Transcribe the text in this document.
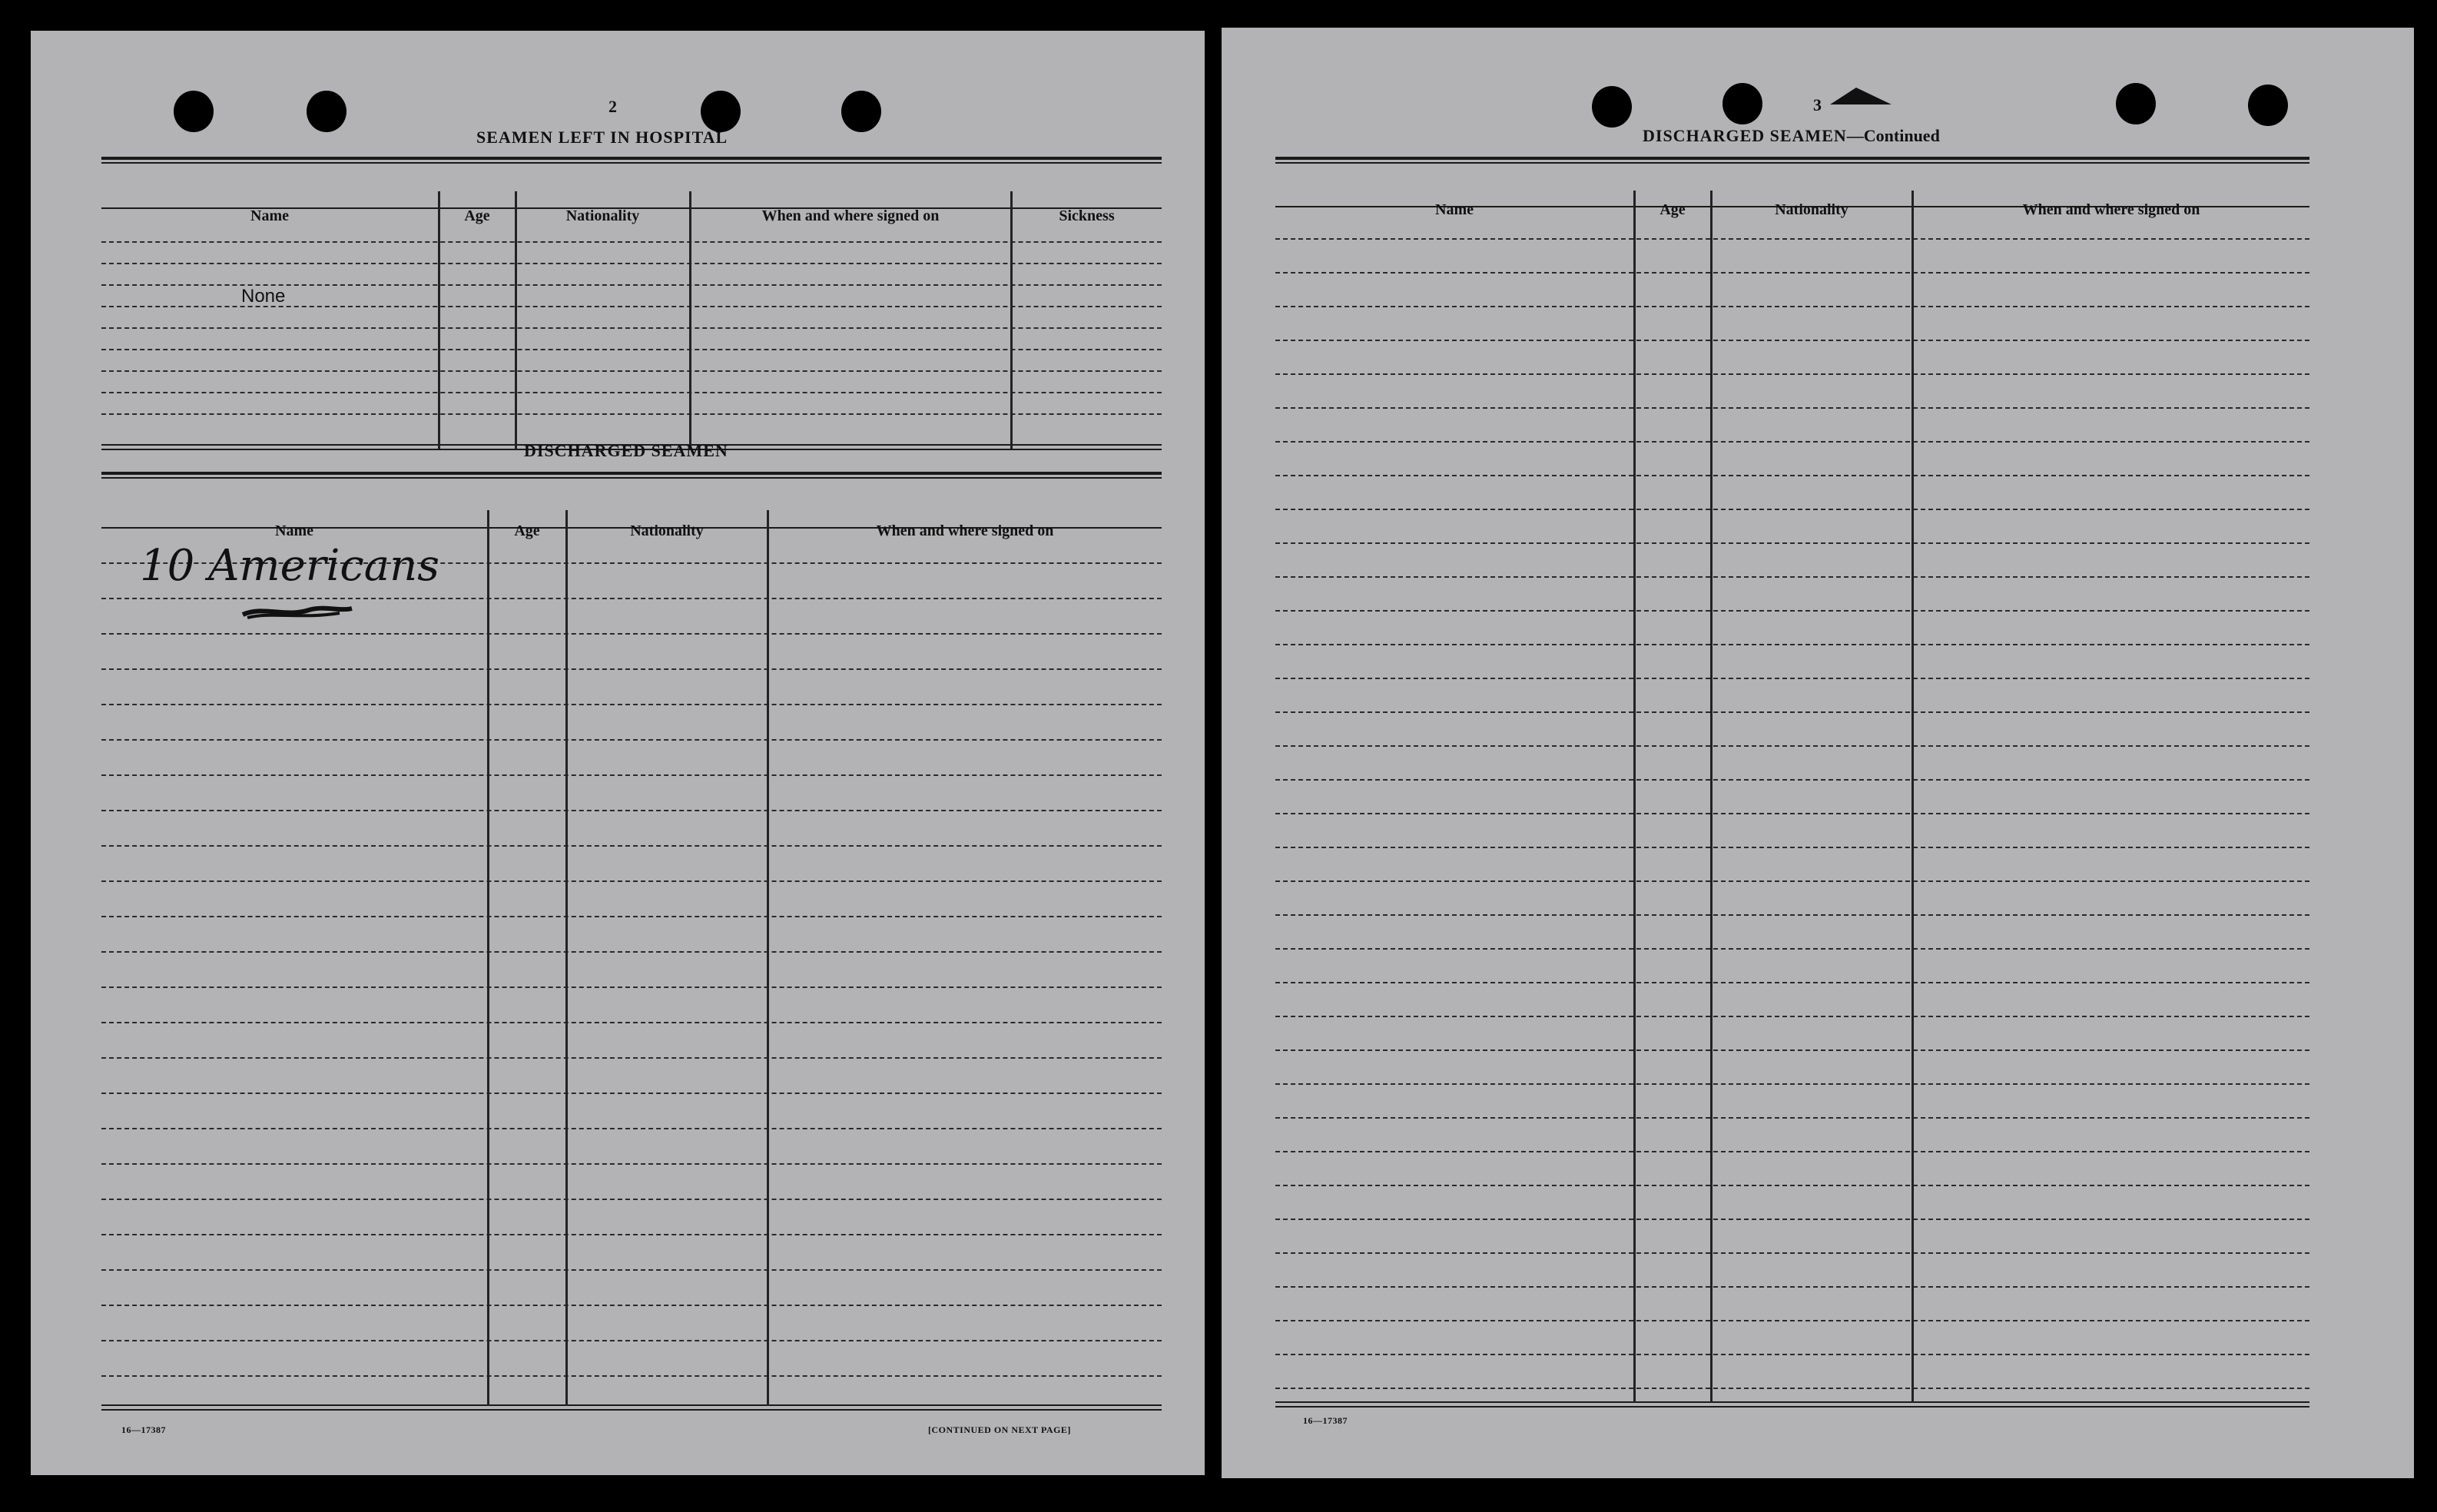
2
SEAMEN LEFT IN HOSPITAL
Name	Age	Nationality	When and where signed on	Sickness
None
DISCHARGED SEAMEN
Name	Age	Nationality	When and where signed on
10 Americans
16—17387	[CONTINUED ON NEXT PAGE]
3
DISCHARGED SEAMEN—Continued
Name	Age	Nationality	When and where signed on
16—17387
